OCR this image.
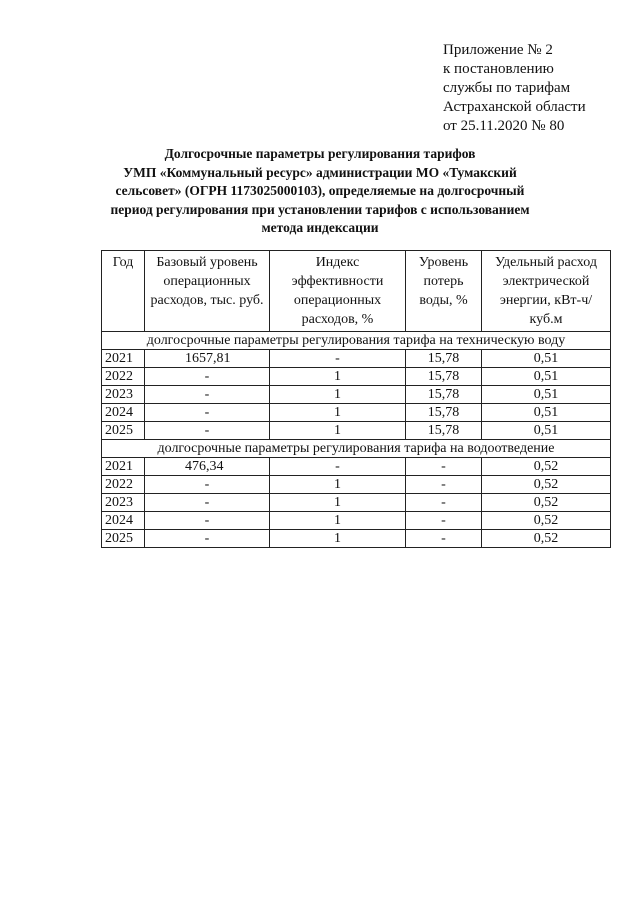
Приложение № 2
к постановлению
службы по тарифам
Астраханской области
от 25.11.2020 № 80
Долгосрочные параметры регулирования тарифов
УМП «Коммунальный ресурс» администрации МО «Тумакский
сельсовет» (ОГРН 1173025000103), определяемые на долгосрочный
период регулирования при установлении тарифов с использованием
метода индексации
Год	Базовый уровень операционных расходов, тыс. руб.	Индекс эффективности операционных расходов, %	Уровень потерь воды, %	Удельный расход электрической энергии, кВт-ч/куб.м
долгосрочные параметры регулирования тарифа на техническую воду				
2021	1657,81	-	15,78	0,51
2022	-	1	15,78	0,51
2023	-	1	15,78	0,51
2024	-	1	15,78	0,51
2025	-	1	15,78	0,51
долгосрочные параметры регулирования тарифа на водоотведение				
2021	476,34	-	-	0,52
2022	-	1	-	0,52
2023	-	1	-	0,52
2024	-	1	-	0,52
2025	-	1	-	0,52
